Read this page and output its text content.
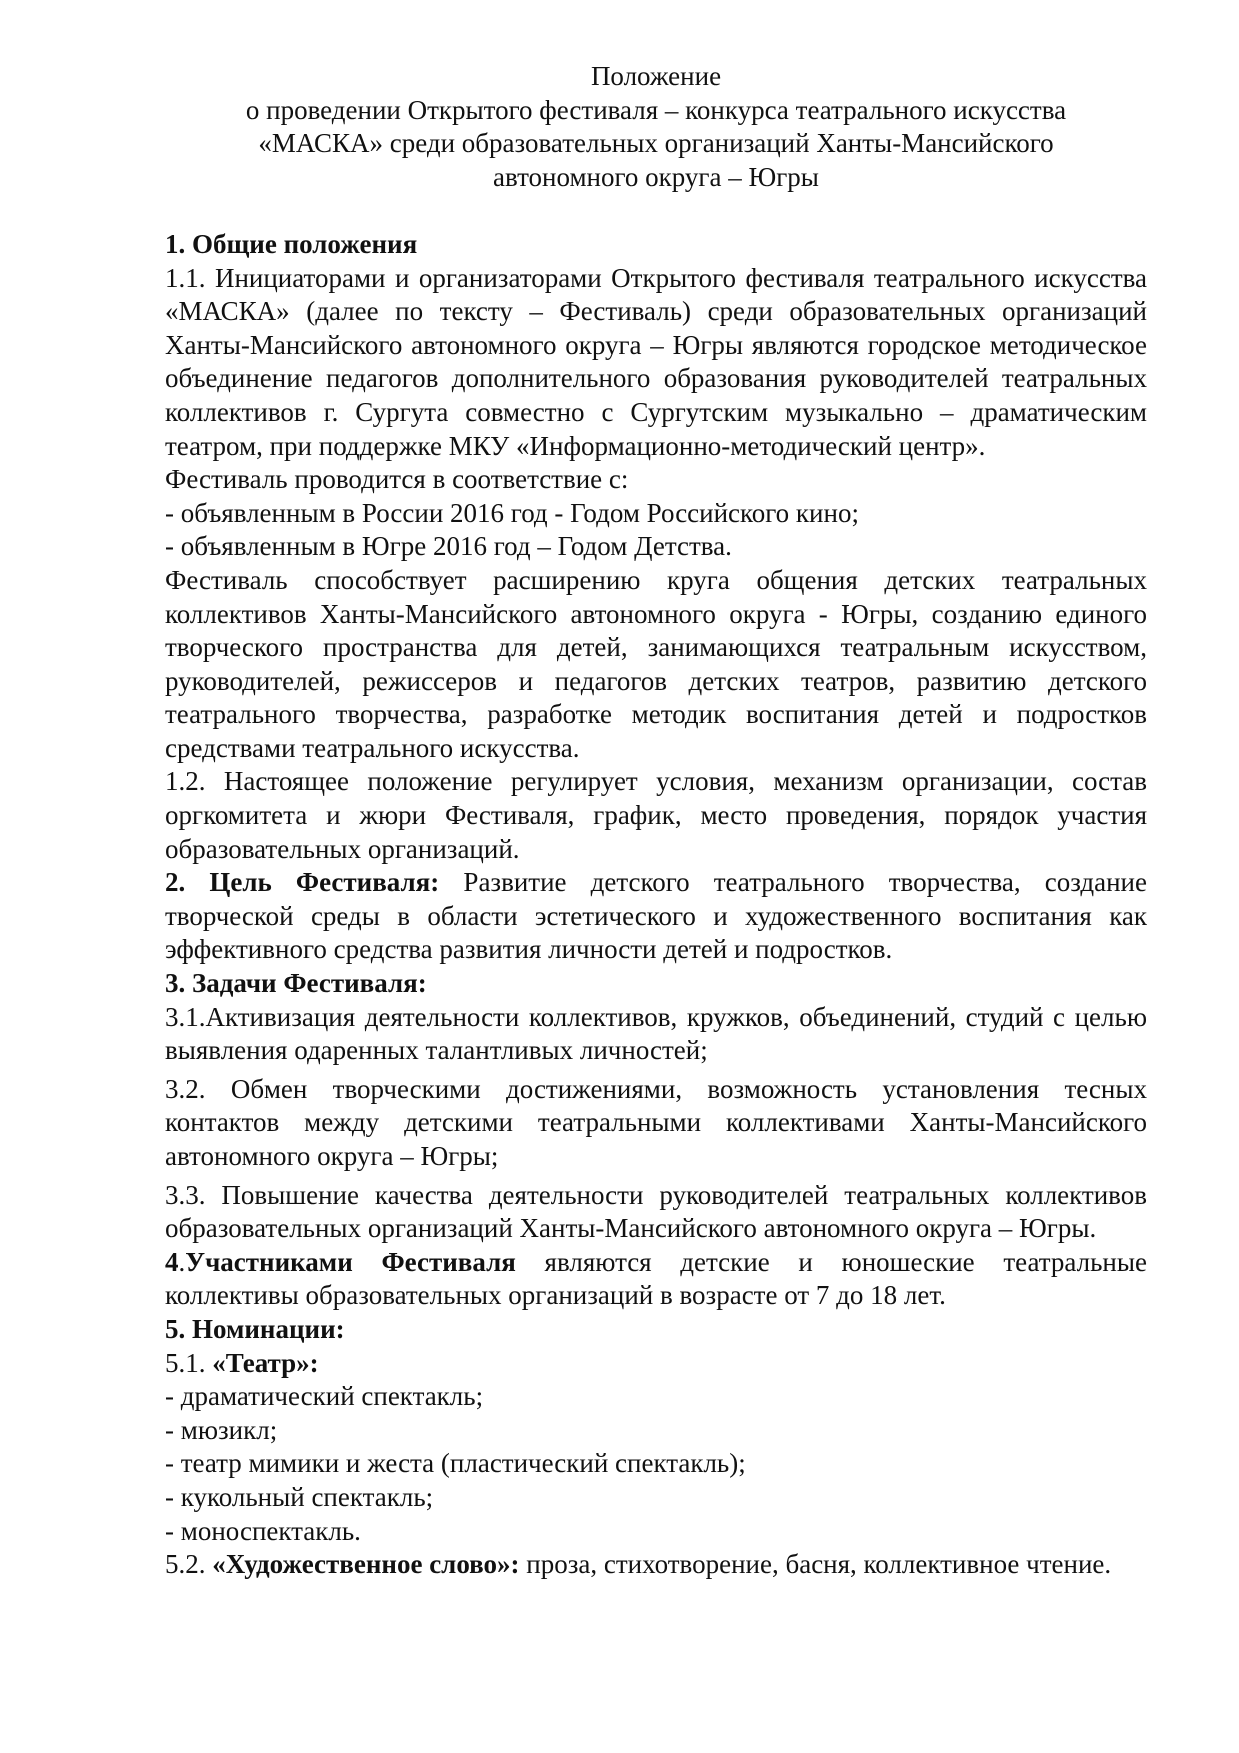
Положение
о проведении Открытого фестиваля – конкурса театрального искусства
«МАСКА» среди образовательных организаций Ханты-Мансийского
автономного округа – Югры
1. Общие положения

1.1. Инициаторами и организаторами Открытого фестиваля театрального искусства «МАСКА» (далее по тексту – Фестиваль) среди образовательных организаций Ханты-Мансийского автономного округа – Югры являются городское методическое объединение педагогов дополнительного образования руководителей театральных коллективов г. Сургута совместно с Сургутским музыкально – драматическим театром, при поддержке МКУ «Информационно-методический центр».

Фестиваль проводится в соответствие с:

- объявленным в России 2016 год - Годом Российского кино;
- объявленным в Югре 2016 год – Годом Детства.

Фестиваль способствует расширению круга общения детских театральных коллективов Ханты-Мансийского автономного округа - Югры, созданию единого творческого пространства для детей, занимающихся театральным искусством, руководителей, режиссеров и педагогов детских театров, развитию детского театрального творчества, разработке методик воспитания детей и подростков средствами театрального искусства.

1.2. Настоящее положение регулирует условия, механизм организации, состав оргкомитета и жюри Фестиваля, график, место проведения, порядок участия образовательных организаций.

2. Цель Фестиваля: Развитие детского театрального творчества, создание творческой среды в области эстетического и художественного воспитания как эффективного средства развития личности детей и подростков.

3. Задачи Фестиваля:

3.1.Активизация деятельности коллективов, кружков, объединений, студий с целью выявления одаренных талантливых личностей;

3.2. Обмен творческими достижениями, возможность установления тесных контактов между детскими театральными коллективами Ханты-Мансийского автономного округа – Югры;

3.3. Повышение качества деятельности руководителей театральных коллективов образовательных организаций Ханты-Мансийского автономного округа – Югры.

4.Участниками Фестиваля являются детские и юношеские театральные коллективы образовательных организаций в возрасте от 7 до 18 лет.

5. Номинации:
5.1. «Театр»:
- драматический спектакль;
- мюзикл;
- театр мимики и жеста (пластический спектакль);
- кукольный спектакль;
- моноспектакль.

5.2. «Художественное слово»: проза, стихотворение, басня, коллективное чтение.
